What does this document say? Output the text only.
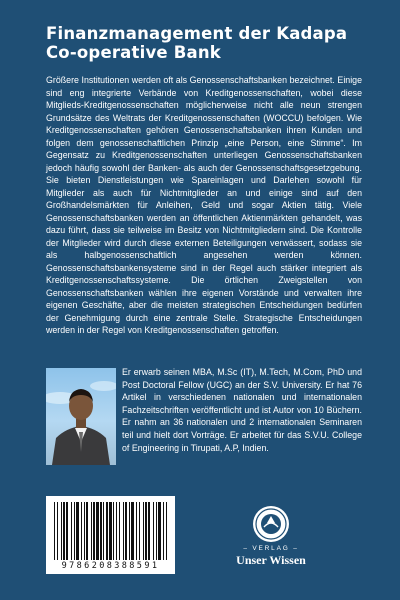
Finanzmanagement der Kadapa
Co-operative Bank
Größere Institutionen werden oft als Genossenschaftsbanken bezeichnet. Einige sind eng integrierte Verbände von Kreditgenossenschaften, wobei diese Mitglieds-Kreditgenossenschaften möglicherweise nicht alle neun strengen Grundsätze des Weltrats der Kreditgenossenschaften (WOCCU) befolgen. Wie Kreditgenossenschaften gehören Genossenschaftsbanken ihren Kunden und folgen dem genossenschaftlichen Prinzip „eine Person, eine Stimme“. Im Gegensatz zu Kreditgenossenschaften unterliegen Genossenschaftsbanken jedoch häufig sowohl der Banken- als auch der Genossenschaftsgesetzgebung. Sie bieten Dienstleistungen wie Spareinlagen und Darlehen sowohl für Mitglieder als auch für Nichtmitglieder an und einige sind auf den Großhandelsmärkten für Anleihen, Geld und sogar Aktien tätig. Viele Genossenschaftsbanken werden an öffentlichen Aktienmärkten gehandelt, was dazu führt, dass sie teilweise im Besitz von Nichtmitgliedern sind. Die Kontrolle der Mitglieder wird durch diese externen Beteiligungen verwässert, sodass sie als halbgenossenschaftlich angesehen werden können. Genossenschaftsbankensysteme sind in der Regel auch stärker integriert als Kreditgenossenschaftssysteme. Die örtlichen Zweigstellen von Genossenschaftsbanken wählen ihre eigenen Vorstände und verwalten ihre eigenen Geschäfte, aber die meisten strategischen Entscheidungen bedürfen der Genehmigung durch eine zentrale Stelle. Strategische Entscheidungen werden in der Regel von Kreditgenossenschaften getroffen.
Er erwarb seinen MBA, M.Sc (IT), M.Tech, M.Com, PhD und Post Doctoral Fellow (UGC) an der S.V. University. Er hat 76 Artikel in verschiedenen nationalen und internationalen Fachzeitschriften veröffentlicht und ist Autor von 10 Büchern. Er nahm an 36 nationalen und 2 internationalen Seminaren teil und hielt dort Vorträge. Er arbeitet für das S.V.U. College of Engineering in Tirupati, A.P, Indien.
9786208388591
– VERLAG –
Unser Wissen
